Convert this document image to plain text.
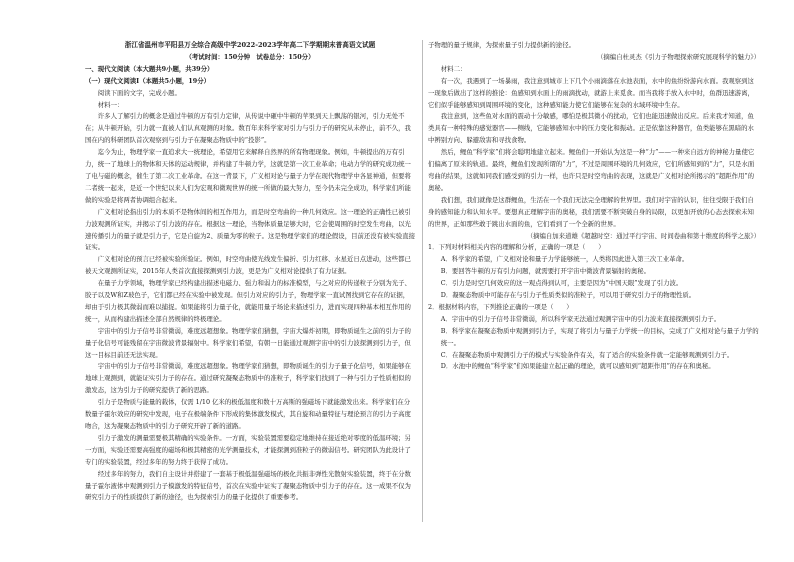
浙江省温州市平阳县万全综合高级中学2022-2023学年高二下学期期末普高语文试题

（考试时间：150分钟　试卷总分：150分）

一、现代文阅读（本大题共9小题，共39分）

（一）现代文阅读Ⅰ（本题共5小题，19分）

阅读下面的文字，完成小题。

材料一：

许多人了解引力的概念是通过牛顿的万有引力定律，从传说中砸中牛顿的苹果到天上飘荡的银河，引力无处不在；从牛顿开始，引力就一直被人们认真观测的对象。数百年来科学家对引力与引力子的研究从未停止，前不久，我国在内的科研团队首次观察到与引力子在凝聚态物质中的“投影”。

迄今为止，物理学家一直追求大一统理论，希望用它来解释自然界的所有物理现象。例如，牛顿提出的万有引力，统一了地球上的物体和天体的运动规律，并构建了牛顿力学，这就是第一次工业革命；电动力学的研究成功统一了电与磁的概念，催生了第二次工业革命。在这一背景下，广义相对论与量子力学在现代物理学中各显神通，但要将二者统一起来，是近一个世纪以来人们为宏观和微观世界的统一所做的最大努力，至今仍未完全成功，科学家们所能做的实验是将两者协调组合起来。

广义相对论指出引力的本质不是物体间的相互作用力，而是时空弯曲的一种几何效应。这一理论的正确性已被引力波观测所证实，并揭示了引力波的存在。根据这一理论，当物体质量足够大时，它会使周围的时空发生弯曲，以光速传播引力的量子就是引力子，它是自旋为2、质量为零的粒子。这是物理学家们的理论假设，目前还没有被实验直接证实。

广义相对论的预言已经被实验所验证。例如，时空弯曲使光线发生偏折、引力红移、水星近日点进动，这些都已被天文观测所证实，2015年人类首次直接探测到引力波，更是为广义相对论提供了有力证据。

在量子力学领域，物理学家已经构建出描述电磁力、强力和弱力的标准模型，与之对应的传递粒子分别为光子、胶子以及W和Z玻色子，它们都已经在实验中被发现。但引力对应的引力子，物理学家一直试图找到它存在的证据，却由于引力极其微弱而难以捕捉。如果能将引力量子化，就能用量子场论来描述引力，进而实现四种基本相互作用的统一，从而构建出描述全部自然规律的终极理论。

宇宙中的引力子信号非常微弱，难度远超想象。物理学家们猜想，宇宙大爆炸初期，即物质诞生之前的引力子的量子化信号可能残留在宇宙微波背景辐射中。科学家们希望，有朝一日能通过观测宇宙中的引力波探测到引力子，但这一目标目前还无法实现。

宇宙中的引力子信号非常微弱，难度远超想象。物理学家们猜想，即物质诞生的引力子量子化信号，如果能够在地球上观测到，就能证实引力子的存在。通过研究凝聚态物质中的准粒子，科学家们找到了一种与引力子性质相似的激发态，这为引力子的研究提供了新的思路。

引力子是物质与能量的载体，仅需 1/10 亿米的极低温度和数十万高斯的强磁场下就能激发出来。科学家们在分数量子霍尔效应的研究中发现，电子在极端条件下形成的集体激发模式，其自旋和动量特征与理论预言的引力子高度吻合，这为凝聚态物质中的引力子研究开辟了新的道路。

引力子激发的测量需要极其精确的实验条件。一方面，实验装置需要稳定地维持在接近绝对零度的低温环境；另一方面，实验还需要高强度的磁场和极其精密的光学测量技术，才能探测到准粒子的微弱信号。研究团队为此设计了专门的实验装置，经过多年的努力终于获得了成功。

经过多年的努力，我们自主设计并搭建了一套基于极低温强磁场的极化共振非弹性光散射实验装置，终于在分数量子霍尔液体中观测到引力子模激发的特征信号，首次在实验中证实了凝聚态物质中引力子的存在。这一成果不仅为研究引力子的性质提供了新的途径，也为探索引力的量子化提供了重要参考。

子物理的量子规律，为探索量子引力提供新的途径。

（摘编自杜灵杰《引力子物理探索研究展现科学的魅力》）

材料二：

有一次，我遇到了一场暴雨，我注意到城市上下几个小雨滴落在水池表面，水中的鱼纷纷游向水面。我观察到这一现象后做出了这样的推论：鱼感知到水面上的雨滴扰动，就游上来觅食。而当我将手放入水中时，鱼群迅速游离，它们似乎能够感知到周围环境的变化，这种感知能力使它们能够在复杂的水域环境中生存。

我注意到，这些鱼对水面的震动十分敏感，哪怕是极其微小的扰动，它们也能迅速做出反应。后来我才知道，鱼类具有一种特殊的感觉器官——侧线，它能够感知水中的压力变化和振动。正是依靠这种器官，鱼类能够在黑暗的水中辨别方向、躲避敌害和寻找食物。

然后，鲤鱼“科学家”们将会聪明地建立起来。鲤鱼们一开始认为这是一种“力”——一种来自远方的神秘力量使它们偏离了原来的轨道。最终，鲤鱼们发现所谓的“力”，不过是周围环境的几何效应，它们所感知到的“力”，只是水面弯曲的结果，这就如同我们感受到的引力一样，也许只是时空弯曲的表现，这就是广义相对论所揭示的“超距作用”的奥秘。

我们想，我们就像是这群鲤鱼，生活在一个我们无法完全理解的世界里。我们对宇宙的认识，往往受限于我们自身的感知能力和认知水平。要想真正理解宇宙的奥秘，我们需要不断突破自身的局限，以更加开放的心态去探索未知的世界，正如那些敢于跳出水面的鱼，它们看到了一个全新的世界。

（摘编自加来道雄《超越时空：通过平行宇宙、时间卷曲和第十维度的科学之旅》）

1．下列对材料相关内容的理解和分析，正确的一项是（　　）

A．科学家的希望，广义相对论和量子力学能够统一，人类将因此进入第三次工业革命。

B．要回答牛顿的万有引力问题，就需要打开宇宙中微波背景辐射的奥秘。

C．引力是时空几何效应的这一观点得到认可，主要是因为“中国天眼”发现了引力波。

D．凝聚态物质中可能存在与引力子性质类似的准粒子，可以用于研究引力子的物理性质。

2．根据材料内容，下列推论正确的一项是（　　）

A．宇宙中的引力子信号非常微弱，所以科学家无法通过观测宇宙中的引力波来直接探测到引力子。

B．科学家在凝聚态物质中观测到引力子，实现了将引力与量子力学统一的目标，完成了广义相对论与量子力学的统一。

C．在凝聚态物质中观测引力子的模式与实验条件有关，有了适合的实验条件就一定能够观测到引力子。

D．水池中的鲤鱼“科学家”们如果能建立起正确的理论，就可以感知到“超距作用”的存在和奥秘。
